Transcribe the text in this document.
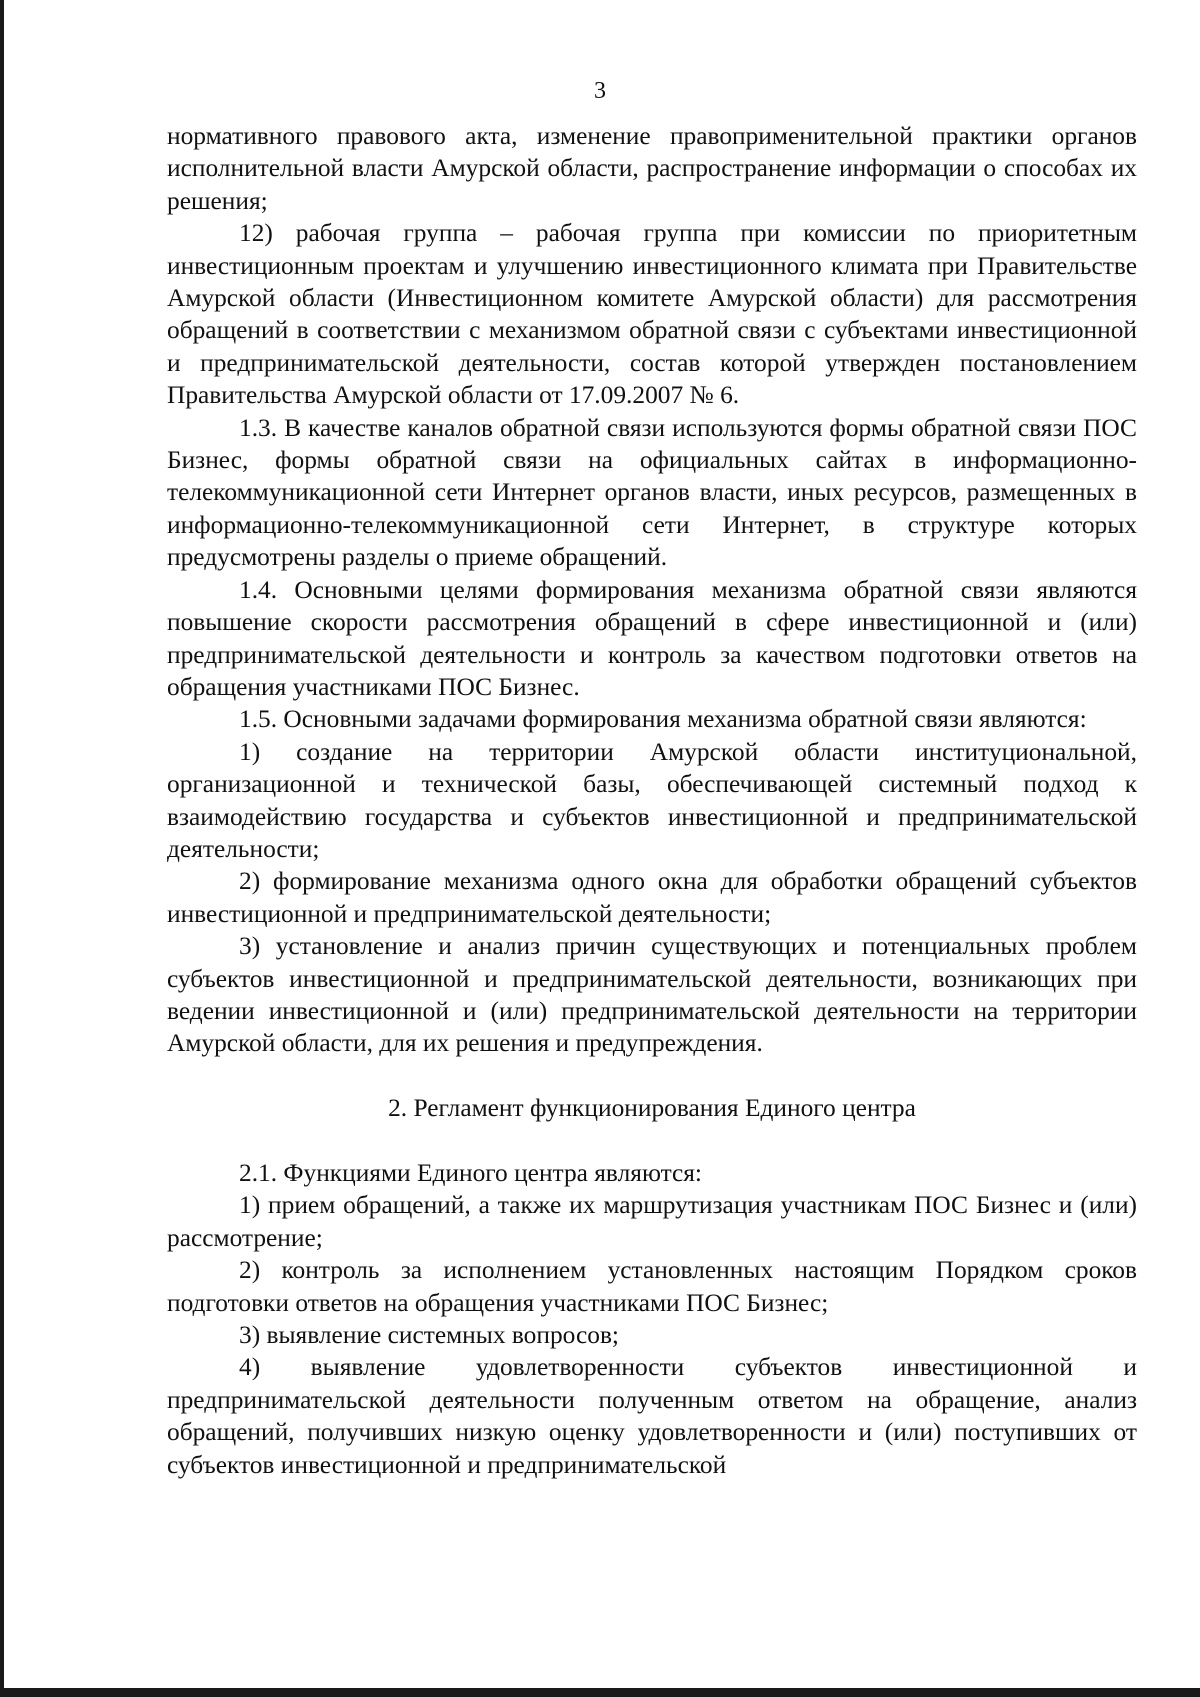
3

нормативного правового акта, изменение правоприменительной практики органов исполнительной власти Амурской области, распространение информации о способах их решения;

12) рабочая группа – рабочая группа при комиссии по приоритетным инвестиционным проектам и улучшению инвестиционного климата при Правительстве Амурской области (Инвестиционном комитете Амурской области) для рассмотрения обращений в соответствии с механизмом обратной связи с субъектами инвестиционной и предпринимательской деятельности, состав которой утвержден постановлением Правительства Амурской области от 17.09.2007 № 6.

1.3. В качестве каналов обратной связи используются формы обратной связи ПОС Бизнес, формы обратной связи на официальных сайтах в информационно-телекоммуникационной сети Интернет органов власти, иных ресурсов, размещенных в информационно-телекоммуникационной сети Интернет, в структуре которых предусмотрены разделы о приеме обращений.

1.4. Основными целями формирования механизма обратной связи являются повышение скорости рассмотрения обращений в сфере инвестиционной и (или) предпринимательской деятельности и контроль за качеством подготовки ответов на обращения участниками ПОС Бизнес.

1.5. Основными задачами формирования механизма обратной связи являются:

1) создание на территории Амурской области институциональной, организационной и технической базы, обеспечивающей системный подход к взаимодействию государства и субъектов инвестиционной и предпринимательской деятельности;

2) формирование механизма одного окна для обработки обращений субъектов инвестиционной и предпринимательской деятельности;

3) установление и анализ причин существующих и потенциальных проблем субъектов инвестиционной и предпринимательской деятельности, возникающих при ведении инвестиционной и (или) предпринимательской деятельности на территории Амурской области, для их решения и предупреждения.

2. Регламент функционирования Единого центра

2.1. Функциями Единого центра являются:

1) прием обращений, а также их маршрутизация участникам ПОС Бизнес и (или) рассмотрение;

2) контроль за исполнением установленных настоящим Порядком сроков подготовки ответов на обращения участниками ПОС Бизнес;

3) выявление системных вопросов;

4) выявление удовлетворенности субъектов инвестиционной и предпринимательской деятельности полученным ответом на обращение, анализ обращений, получивших низкую оценку удовлетворенности и (или) поступивших от субъектов инвестиционной и предпринимательской
